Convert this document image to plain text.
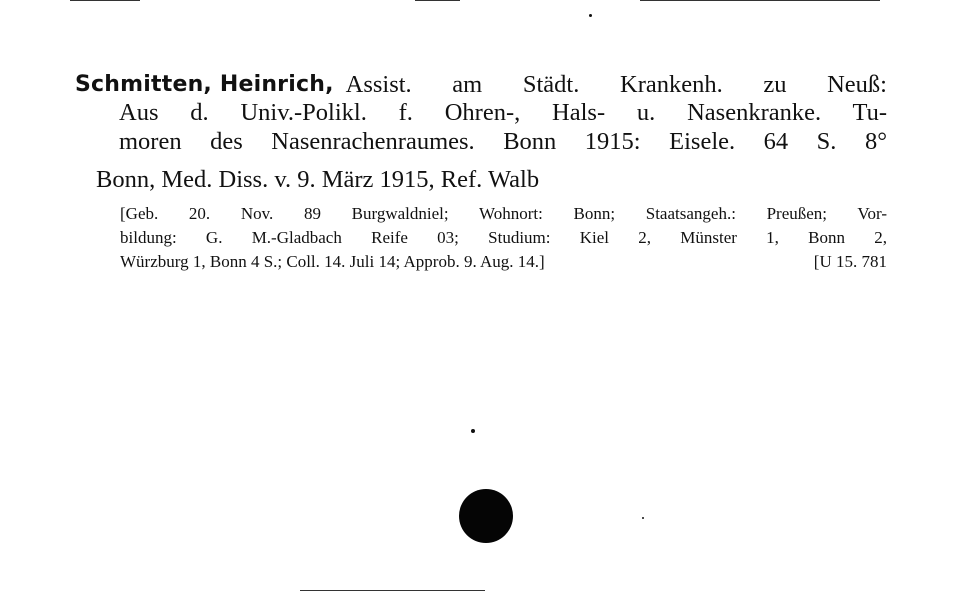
Schmitten, Heinrich, Assist. am Städt. Krankenh. zu Neuß:
Aus d. Univ.-Polikl. f. Ohren-, Hals- u. Nasenkranke. Tu-
moren des Nasenrachenraumes. Bonn 1915: Eisele. 64 S. 8°
Bonn, Med. Diss. v. 9. März 1915, Ref. Walb
[Geb. 20. Nov. 89 Burgwaldniel; Wohnort: Bonn; Staatsangeh.: Preußen; Vor-
bildung: G. M.-Gladbach Reife 03; Studium: Kiel 2, Münster 1, Bonn 2,
Würzburg 1, Bonn 4 S.; Coll. 14. Juli 14; Approb. 9. Aug. 14.]	[U 15. 781
